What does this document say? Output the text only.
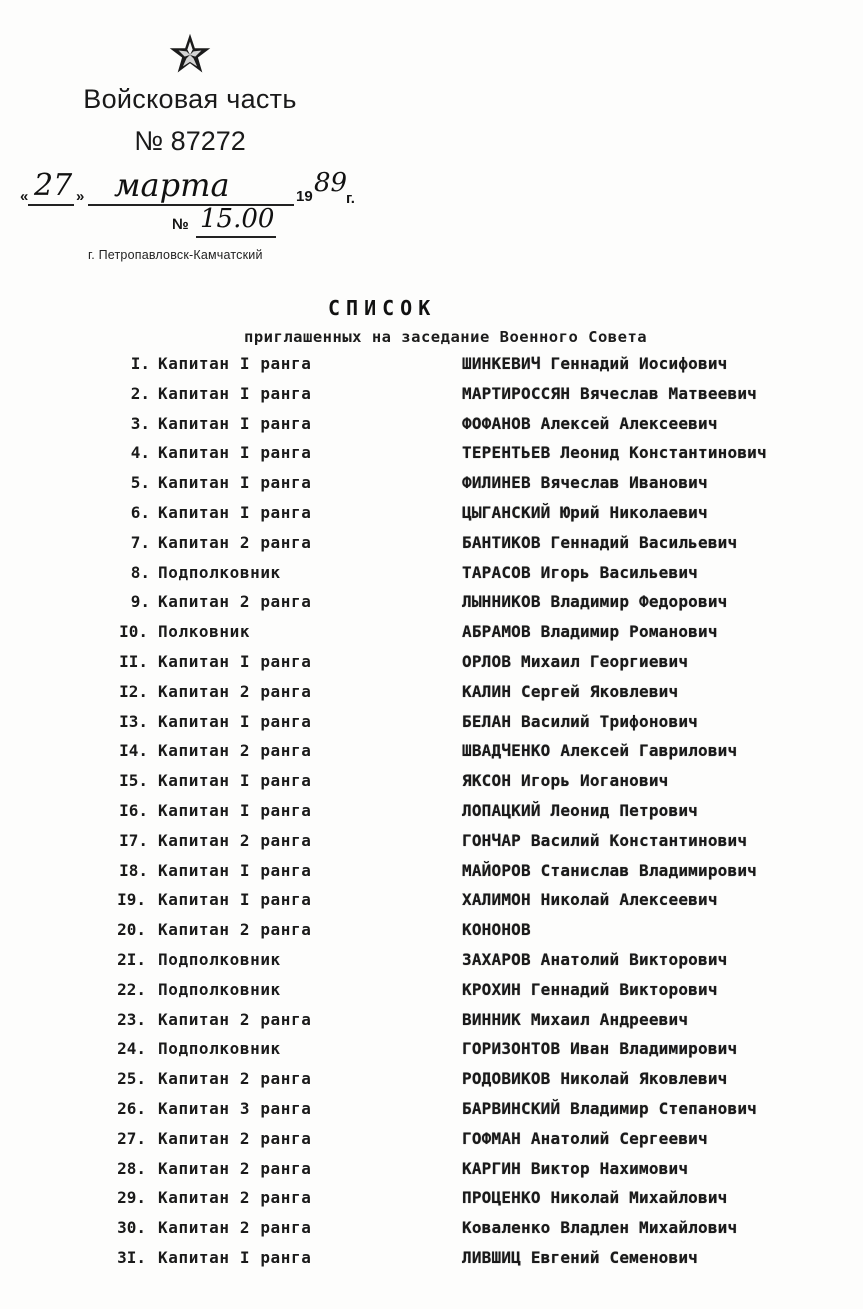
Войсковая часть
№ 87272
« 27 » марта	19 89
г.
№ 15.00
г. Петропавловск-Камчатский
СПИСОК
приглашенных на заседание Военного Совета
I. Капитан I ранга	ШИНКЕВИЧ Геннадий Иосифович
2. Капитан I ранга	МАРТИРОССЯН Вячеслав Матвеевич
3. Капитан I ранга	ФОФАНОВ Алексей Алексеевич
4. Капитан I ранга	ТЕРЕНТЬЕВ Леонид Константинович
5. Капитан I ранга	ФИЛИНЕВ Вячеслав Иванович
6. Капитан I ранга	ЦЫГАНСКИЙ Юрий Николаевич
7. Капитан 2 ранга	БАНТИКОВ Геннадий Васильевич
8. Подполковник	ТАРАСОВ Игорь Васильевич
9. Капитан 2 ранга	ЛЫННИКОВ Владимир Федорович
I0. Полковник	АБРАМОВ Владимир Романович
II. Капитан I ранга	ОРЛОВ Михаил Георгиевич
I2. Капитан 2 ранга	КАЛИН Сергей Яковлевич
I3. Капитан I ранга	БЕЛАН Василий Трифонович
I4. Капитан 2 ранга	ШВАДЧЕНКО Алексей Гаврилович
I5. Капитан I ранга	ЯКСОН Игорь Иоганович
I6. Капитан I ранга	ЛОПАЦКИЙ Леонид Петрович
I7. Капитан 2 ранга	ГОНЧАР Василий Константинович
I8. Капитан I ранга	МАЙОРОВ Станислав Владимирович
I9. Капитан I ранга	ХАЛИМОН Николай Алексеевич
20. Капитан 2 ранга	КОНОНОВ
2I. Подполковник	ЗАХАРОВ Анатолий Викторович
22. Подполковник	КРОХИН Геннадий Викторович
23. Капитан 2 ранга	ВИННИК Михаил Андреевич
24. Подполковник	ГОРИЗОНТОВ Иван Владимирович
25. Капитан 2 ранга	РОДОВИКОВ Николай Яковлевич
26. Капитан 3 ранга	БАРВИНСКИЙ Владимир Степанович
27. Капитан 2 ранга	ГОФМАН Анатолий Сергеевич
28. Капитан 2 ранга	КАРГИН Виктор Нахимович
29. Капитан 2 ранга	ПРОЦЕНКО Николай Михайлович
30. Капитан 2 ранга	Коваленко Владлен Михайлович
3I. Капитан I ранга	ЛИВШИЦ Евгений Семенович
